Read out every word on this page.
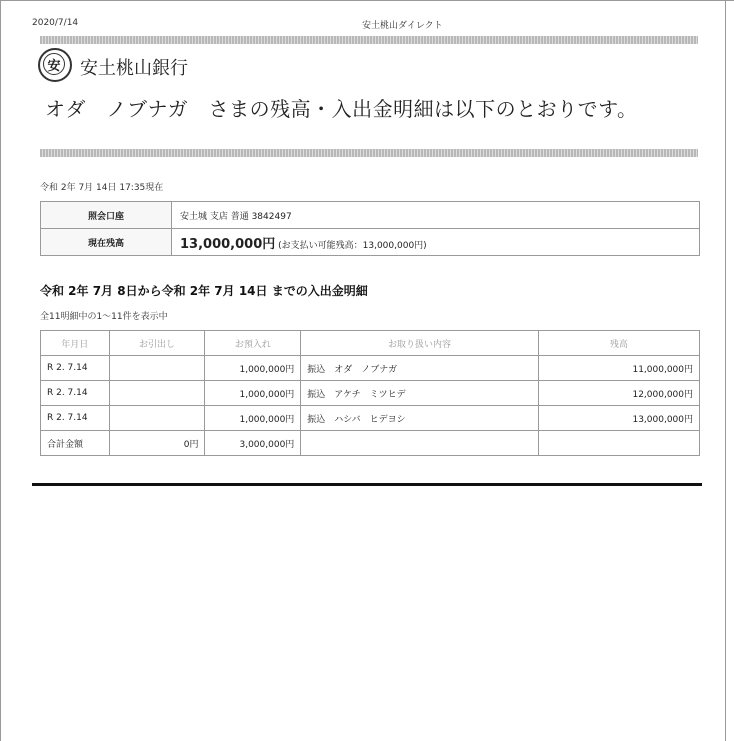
2020/7/14	安土桃山ダイレクト
安 安土桃山銀行
オダ　ノブナガ　さまの残高・入出金明細は以下のとおりです。
令和 2年 7月 14日 17:35現在
照会口座	安土城 支店 普通 3842497
現在残高	13,000,000円 (お支払い可能残高：13,000,000円)
令和 2年 7月 8日から令和 2年 7月 14日 までの入出金明細
全11明細中の1〜11件を表示中
年月日	お引出し	お預入れ	お取り扱い内容	残高
R 2. 7.14		1,000,000円	振込　オダ　ノブナガ	11,000,000円
R 2. 7.14		1,000,000円	振込　アケチ　ミツヒデ	12,000,000円
R 2. 7.14		1,000,000円	振込　ハシバ　ヒデヨシ	13,000,000円
合計金額	0円	3,000,000円		
